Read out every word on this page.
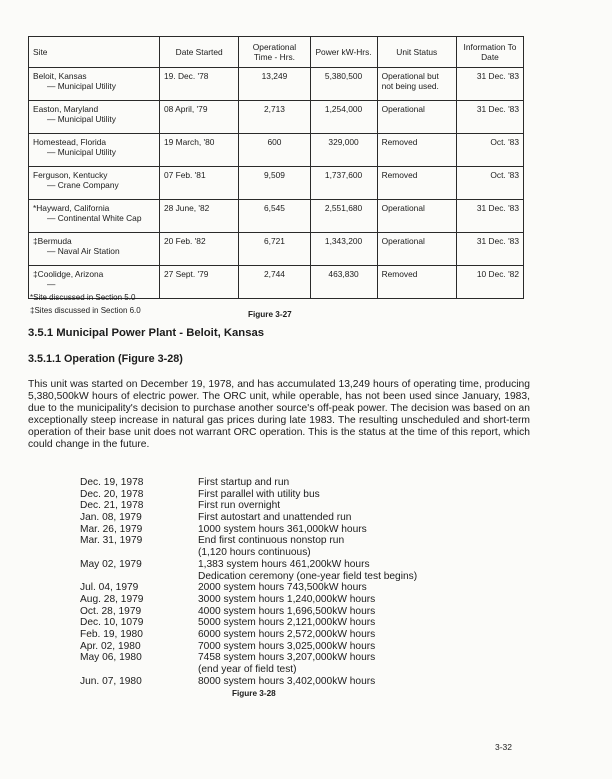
Site	Date Started	Operational Time - Hrs.	Power kW-Hrs.	Unit Status	Information To Date
Beloit, Kansas
— Municipal Utility	19. Dec. '78	13,249	5,380,500	Operational but not being used.	31 Dec. '83
Easton, Maryland
— Municipal Utility	08 April, '79	2,713	1,254,000	Operational	31 Dec. '83
Homestead, Florida
— Municipal Utility	19 March, '80	600	329,000	Removed	Oct. '83
Ferguson, Kentucky
— Crane Company	07 Feb. '81	9,509	1,737,600	Removed	Oct. '83
*Hayward, California
— Continental White Cap	28 June, '82	6,545	2,551,680	Operational	31 Dec. '83
‡Bermuda
— Naval Air Station	20 Feb. '82	6,721	1,343,200	Operational	31 Dec. '83
‡Coolidge, Arizona
—	27 Sept. '79	2,744	463,830	Removed	10 Dec. '82
*Site discussed in Section 5.0
‡Sites discussed in Section 6.0	Figure 3-27
3.5.1 Municipal Power Plant - Beloit, Kansas
3.5.1.1 Operation (Figure 3-28)

This unit was started on December 19, 1978, and has accumulated 13,249 hours of operating time, producing 5,380,500kW hours of electric power. The ORC unit, while operable, has not been used since January, 1983, due to the municipality's decision to purchase another source's off-peak power. The decision was based on an exceptionally steep increase in natural gas prices during late 1983. The resulting unscheduled and short-term operation of their base unit does not warrant ORC operation. This is the status at the time of this report, which could change in the future.

Dec. 19, 1978	First startup and run
Dec. 20, 1978	First parallel with utility bus
Dec. 21, 1978	First run overnight
Jan. 08, 1979	First autostart and unattended run
Mar. 26, 1979	1000 system hours 361,000kW hours
Mar. 31, 1979	End first continuous nonstop run
(1,120 hours continuous)
May 02, 1979	1,383 system hours 461,200kW hours
Dedication ceremony (one-year field test begins)
Jul. 04, 1979	2000 system hours 743,500kW hours
Aug. 28, 1979	3000 system hours 1,240,000kW hours
Oct. 28, 1979	4000 system hours 1,696,500kW hours
Dec. 10, 1079	5000 system hours 2,121,000kW hours
Feb. 19, 1980	6000 system hours 2,572,000kW hours
Apr. 02, 1980	7000 system hours 3,025,000kW hours
May 06, 1980	7458 system hours 3,207,000kW hours
(end year of field test)
Jun. 07, 1980	8000 system hours 3,402,000kW hours
Figure 3-28
3-32
